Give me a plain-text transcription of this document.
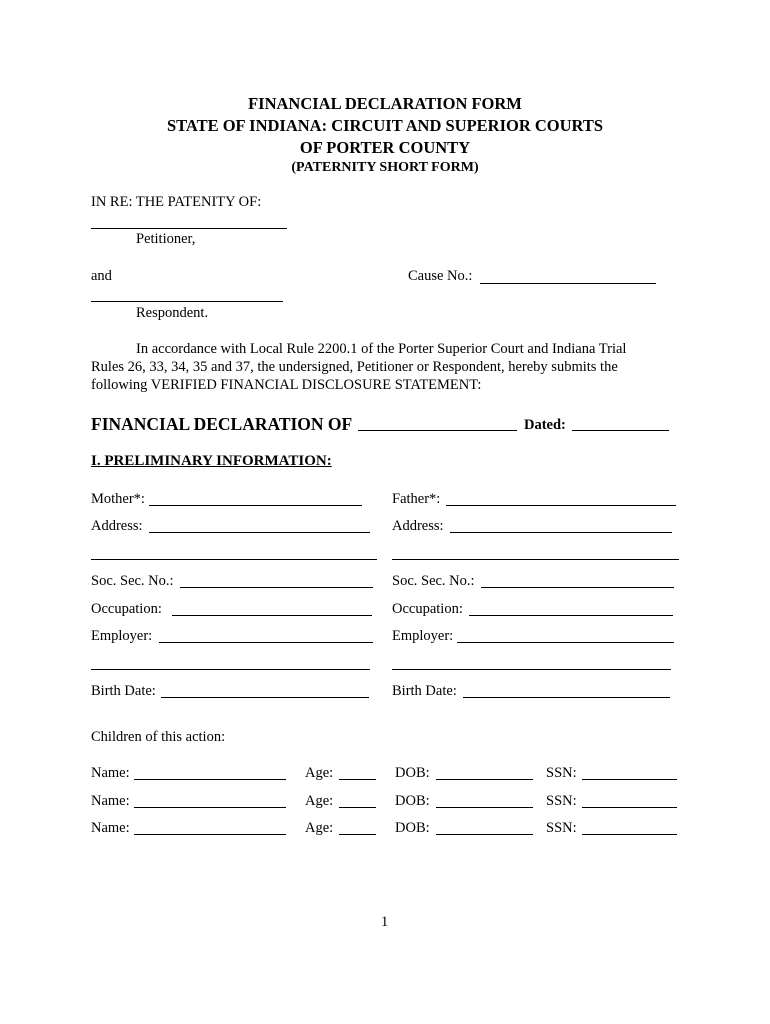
FINANCIAL DECLARATION FORM
STATE OF INDIANA: CIRCUIT AND SUPERIOR COURTS
OF PORTER COUNTY
(PATERNITY SHORT FORM)
IN RE: THE PATENITY OF:
Petitioner,
and	Cause No.:
Respondent.
In accordance with Local Rule 2200.1 of the Porter Superior Court and Indiana Trial
Rules 26, 33, 34, 35 and 37, the undersigned, Petitioner or Respondent, hereby submits the
following VERIFIED FINANCIAL DISCLOSURE STATEMENT:
FINANCIAL DECLARATION OF	Dated:
I. PRELIMINARY INFORMATION:
Mother*:	Father*:
Address:	Address:
Soc. Sec. No.:	Soc. Sec. No.:
Occupation:	Occupation:
Employer:	Employer:
Birth Date:	Birth Date:
Children of this action:
Name:	Age:	DOB:	SSN:
Name:	Age:	DOB:	SSN:
Name:	Age:	DOB:	SSN:
1
